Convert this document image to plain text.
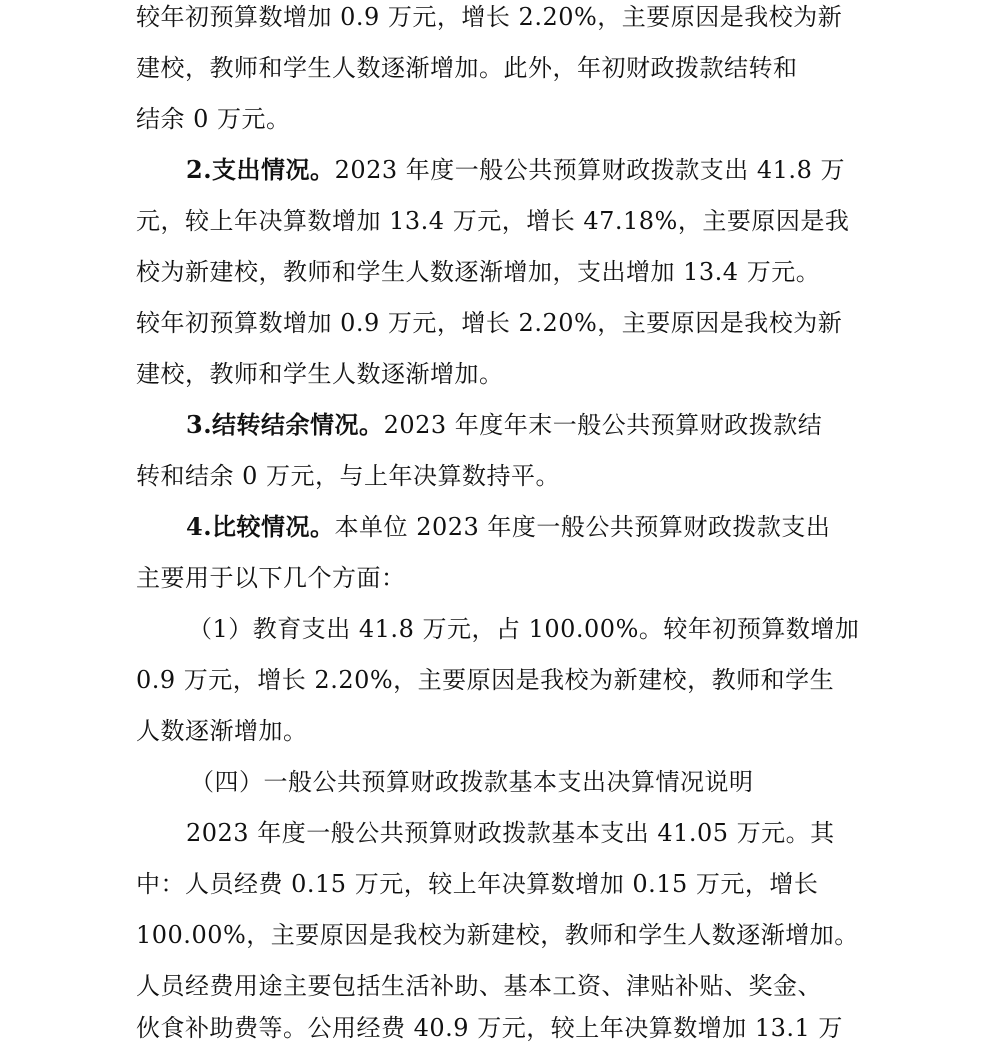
较年初预算数增加 0.9 万元，增长 2.20%，主要原因是我校为新
建校，教师和学生人数逐渐增加。此外，年初财政拨款结转和
结余 0 万元。
2.支出情况。2023 年度一般公共预算财政拨款支出 41.8 万
元，较上年决算数增加 13.4 万元，增长 47.18%，主要原因是我
校为新建校，教师和学生人数逐渐增加，支出增加 13.4 万元。
较年初预算数增加 0.9 万元，增长 2.20%，主要原因是我校为新
建校，教师和学生人数逐渐增加。
3.结转结余情况。2023 年度年末一般公共预算财政拨款结
转和结余 0 万元，与上年决算数持平。
4.比较情况。本单位 2023 年度一般公共预算财政拨款支出
主要用于以下几个方面：
（1）教育支出 41.8 万元，占 100.00%。较年初预算数增加
0.9 万元，增长 2.20%，主要原因是我校为新建校，教师和学生
人数逐渐增加。
（四）一般公共预算财政拨款基本支出决算情况说明
2023 年度一般公共预算财政拨款基本支出 41.05 万元。其
中：人员经费 0.15 万元，较上年决算数增加 0.15 万元，增长
100.00%，主要原因是我校为新建校，教师和学生人数逐渐增加。
人员经费用途主要包括生活补助、基本工资、津贴补贴、奖金、
伙食补助费等。公用经费 40.9 万元，较上年决算数增加 13.1 万
